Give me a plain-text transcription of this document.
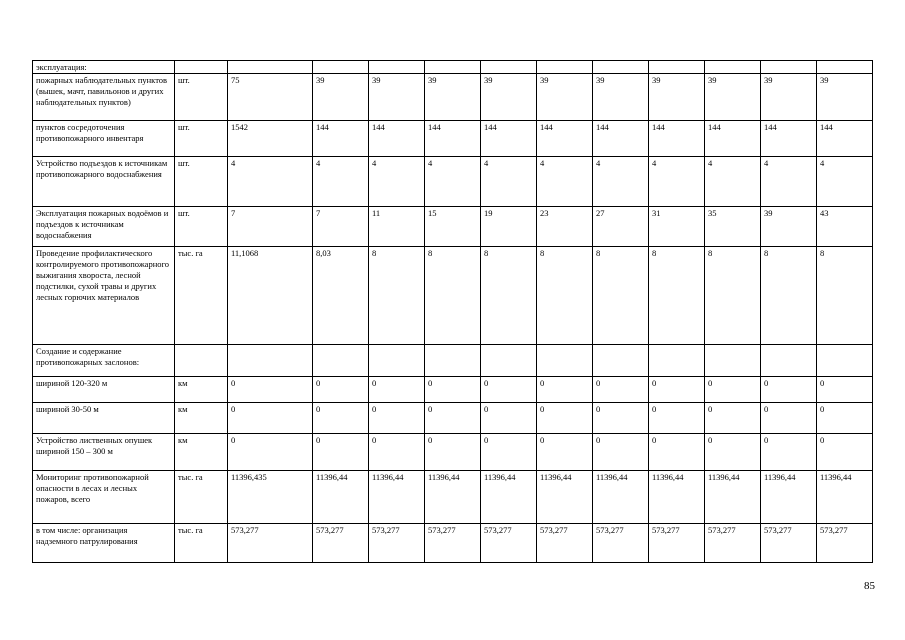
эксплуатация:												
пожарных наблюдательных пунктов (вышек, мачт, павильонов и других наблюдательных пунктов)	шт.	75	39	39	39	39	39	39	39	39	39	39
пунктов сосредоточения противопожарного инвентаря	шт.	1542	144	144	144	144	144	144	144	144	144	144
Устройство подъездов к источникам противопожарного водоснабжения	шт.	4	4	4	4	4	4	4	4	4	4	4
Эксплуатация пожарных водоёмов и подъездов к источникам водоснабжения	шт.	7	7	11	15	19	23	27	31	35	39	43
Проведение профилактического контролируемого противопожарного выжигания хвороста, лесной подстилки, сухой травы и других лесных горючих материалов	тыс. га	11,1068	8,03	8	8	8	8	8	8	8	8	8
Создание и содержание противопожарных заслонов:												
шириной 120-320 м	км	0	0	0	0	0	0	0	0	0	0	0
шириной 30-50 м	км	0	0	0	0	0	0	0	0	0	0	0
Устройство лиственных опушек шириной 150 – 300 м	км	0	0	0	0	0	0	0	0	0	0	0
Мониторинг противопожарной опасности в лесах и лесных пожаров, всего	тыс. га	11396,435	11396,44	11396,44	11396,44	11396,44	11396,44	11396,44	11396,44	11396,44	11396,44	11396,44
в том числе: организация надземного патрулирования	тыс. га	573,277	573,277	573,277	573,277	573,277	573,277	573,277	573,277	573,277	573,277	573,277
85
